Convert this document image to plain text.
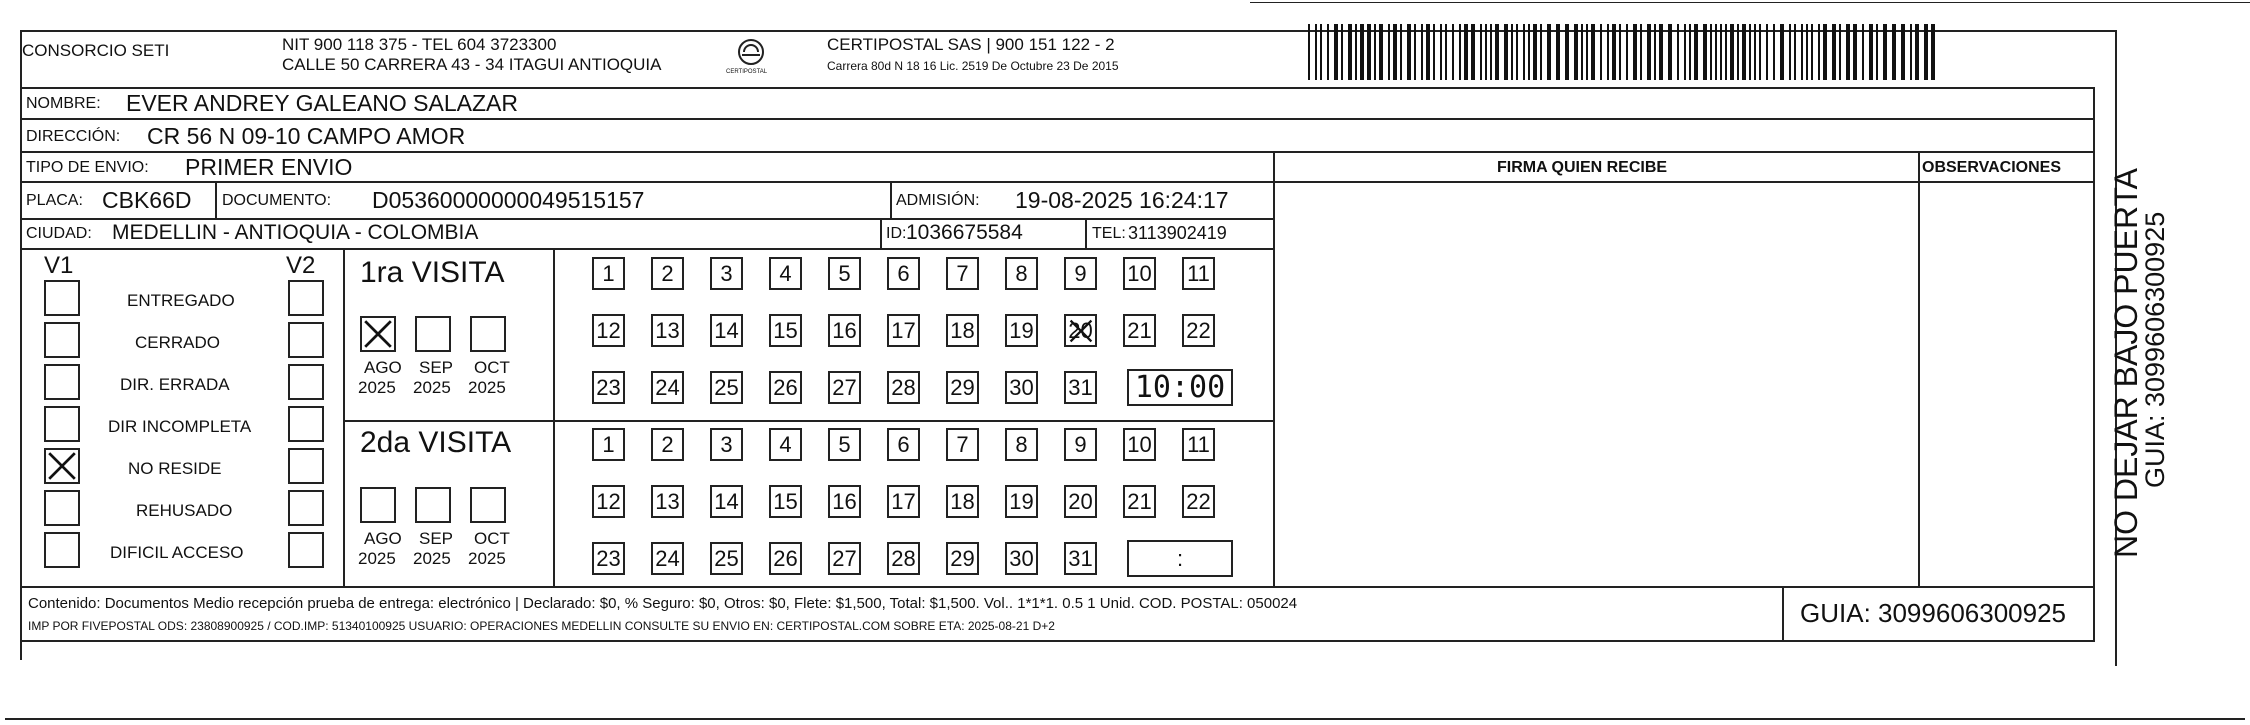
CONSORCIO SETI	NIT 900 118 375 - TEL 604 3723300
CALLE 50 CARRERA 43 - 34 ITAGUI ANTIOQUIA	CERTIPOSTAL
CERTIPOSTAL SAS | 900 151 122 - 2
Carrera 80d N 18 16 Lic. 2519 De Octubre 23 De 2015
NOMBRE: EVER ANDREY GALEANO SALAZAR
DIRECCIÓN: CR 56 N 09-10 CAMPO AMOR
TIPO DE ENVIO: PRIMER ENVIO	FIRMA QUIEN RECIBE	OBSERVACIONES
PLACA: CBK66D DOCUMENTO: D05360000000049515157	ADMISIÓN: 19-08-2025 16:24:17
CIUDAD: MEDELLIN - ANTIOQUIA - COLOMBIA	ID: 1036675584	TEL: 3113902419
V1	V2
ENTREGADO
CERRADO
DIR. ERRADA
DIR INCOMPLETA
NO RESIDE
REHUSADO
DIFICIL ACCESO
1ra VISITA
2da VISITA
AGO
2025
SEP
2025
OCT
2025
AGO
2025
SEP
2025
OCT
2025
1	2	3	4	5	6	7	8	9	10 11
12 13 14 15 16 17 18 19 20 21 22
23 24 25 26 27 28 29 30 31 10:00
1	2	3	4	5	6	7	8	9	10 11
12 13 14 15 16 17 18 19 20 21 22
23 24 25 26 27 28 29 30 31	:
Contenido: Documentos Medio recepción prueba de entrega: electrónico | Declarado: $0, % Seguro: $0, Otros: $0, Flete: $1,500, Total: $1,500. Vol.. 1*1*1. 0.5 1 Unid. COD. POSTAL: 050024
IMP POR FIVEPOSTAL ODS: 23808900925 / COD.IMP: 51340100925 USUARIO: OPERACIONES MEDELLIN CONSULTE SU ENVIO EN: CERTIPOSTAL.COM SOBRE ETA: 2025-08-21 D+2	GUIA: 3099606300925
NO DEJAR BAJO PUERTA
GUIA: 3099606300925
